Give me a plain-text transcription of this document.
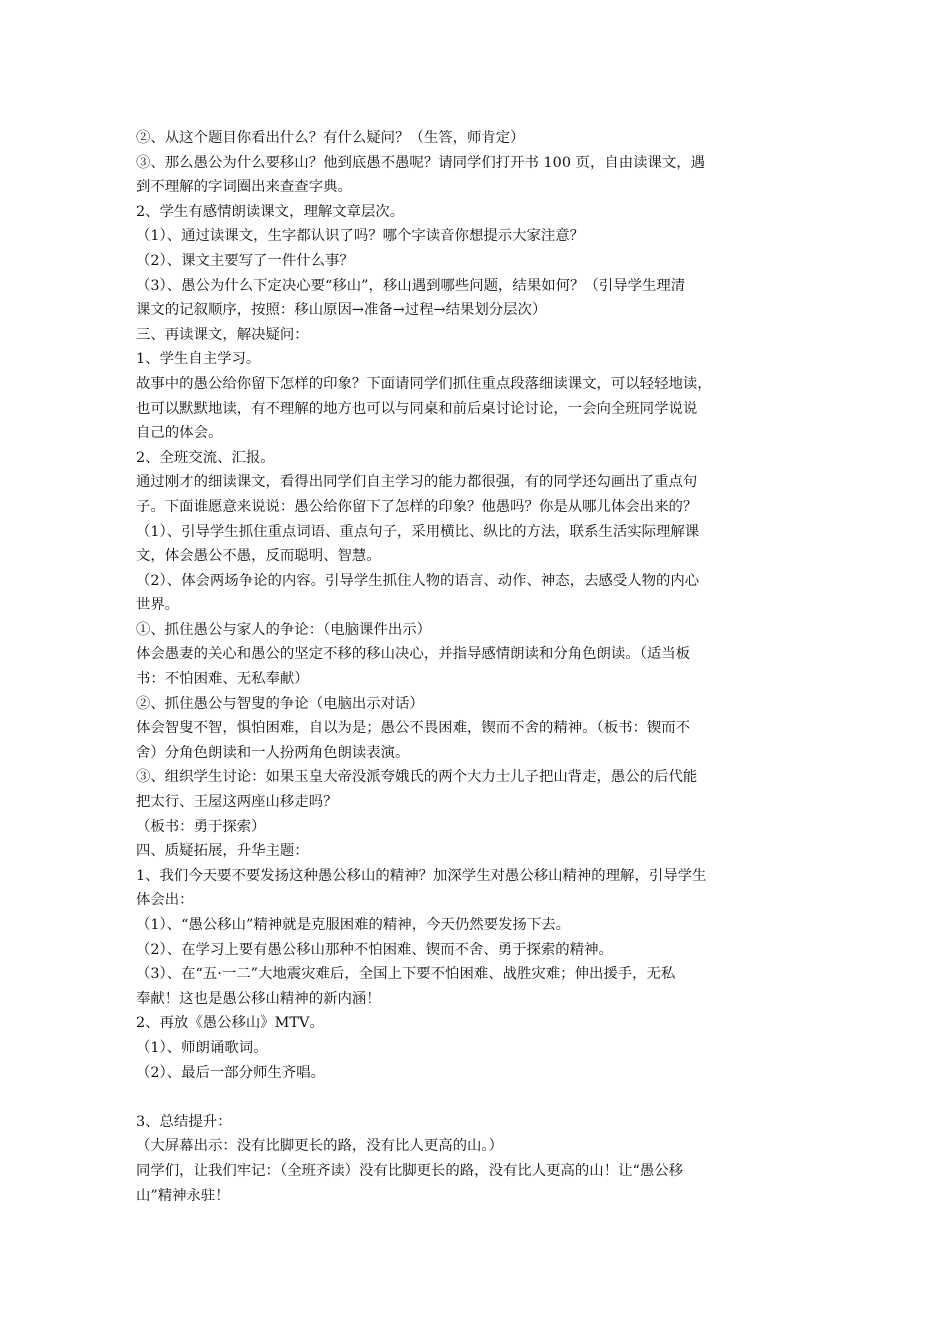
②、从这个题目你看出什么？有什么疑问？（生答，师肯定）
③、那么愚公为什么要移山？他到底愚不愚呢？请同学们打开书 100 页，自由读课文，遇
到不理解的字词圈出来查查字典。
2、学生有感情朗读课文，理解文章层次。
（1）、通过读课文，生字都认识了吗？哪个字读音你想提示大家注意？
（2）、课文主要写了一件什么事？
（3）、愚公为什么下定决心要“移山”，移山遇到哪些问题，结果如何？（引导学生理清
课文的记叙顺序，按照：移山原因→准备→过程→结果划分层次）
三、再读课文，解决疑问：
1、学生自主学习。
故事中的愚公给你留下怎样的印象？下面请同学们抓住重点段落细读课文，可以轻轻地读，
也可以默默地读，有不理解的地方也可以与同桌和前后桌讨论讨论，一会向全班同学说说
自己的体会。
2、全班交流、汇报。
通过刚才的细读课文，看得出同学们自主学习的能力都很强，有的同学还勾画出了重点句
子。下面谁愿意来说说：愚公给你留下了怎样的印象？他愚吗？你是从哪儿体会出来的？
（1）、引导学生抓住重点词语、重点句子，采用横比、纵比的方法，联系生活实际理解课
文，体会愚公不愚，反而聪明、智慧。
（2）、体会两场争论的内容。引导学生抓住人物的语言、动作、神态，去感受人物的内心
世界。
①、抓住愚公与家人的争论：（电脑课件出示）
体会愚妻的关心和愚公的坚定不移的移山决心，并指导感情朗读和分角色朗读。（适当板
书：不怕困难、无私奉献）
②、抓住愚公与智叟的争论（电脑出示对话）
体会智叟不智，惧怕困难，自以为是；愚公不畏困难，锲而不舍的精神。（板书：锲而不
舍）分角色朗读和一人扮两角色朗读表演。
③、组织学生讨论：如果玉皇大帝没派夸娥氏的两个大力士儿子把山背走，愚公的后代能
把太行、王屋这两座山移走吗？
（板书：勇于探索）
四、质疑拓展，升华主题：
1、我们今天要不要发扬这种愚公移山的精神？加深学生对愚公移山精神的理解，引导学生
体会出：
（1）、“愚公移山”精神就是克服困难的精神，今天仍然要发扬下去。
（2）、在学习上要有愚公移山那种不怕困难、锲而不舍、勇于探索的精神。
（3）、在“五·一二”大地震灾难后，全国上下要不怕困难、战胜灾难；伸出援手，无私
奉献！这也是愚公移山精神的新内涵！
2、再放《愚公移山》MTV。
（1）、师朗诵歌词。
（2）、最后一部分师生齐唱。
3、总结提升：
（大屏幕出示：没有比脚更长的路，没有比人更高的山。）
同学们，让我们牢记：（全班齐读）没有比脚更长的路，没有比人更高的山！让“愚公移
山”精神永驻！
